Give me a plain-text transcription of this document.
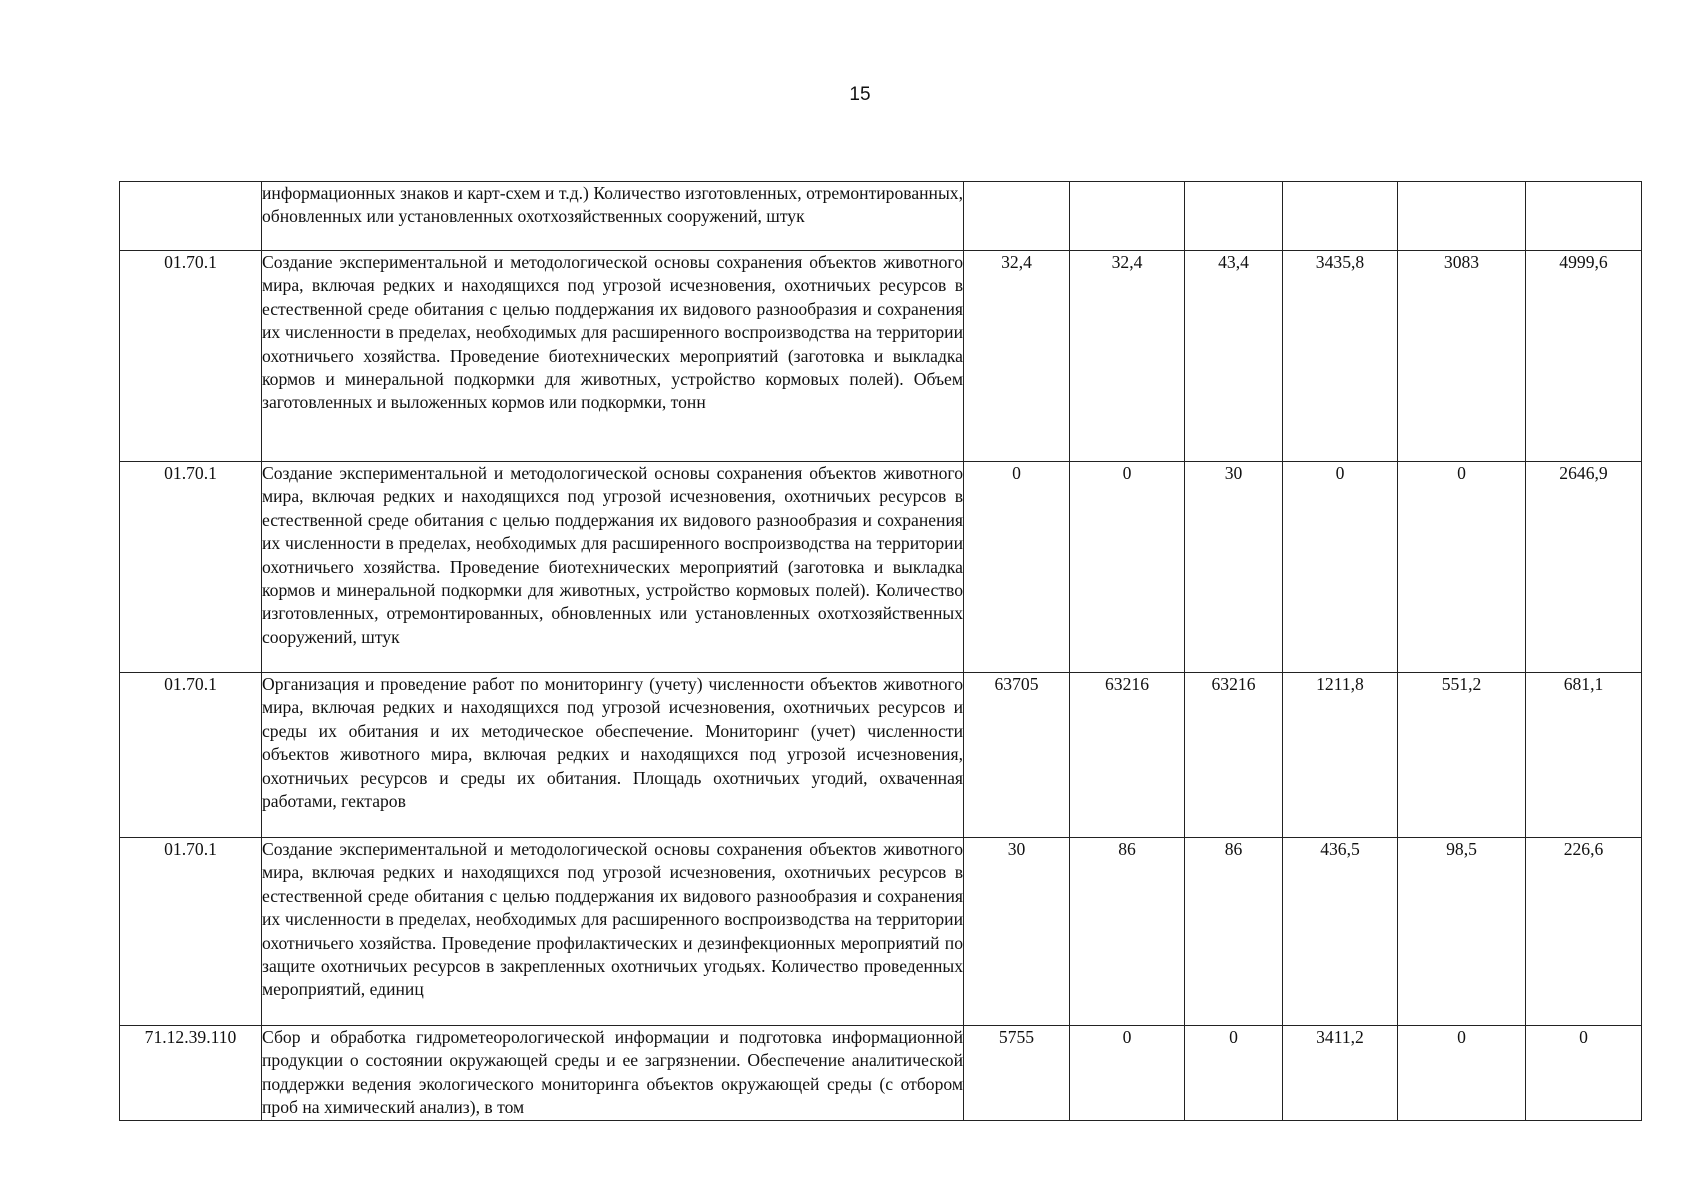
15
	информационных знаков и карт-схем и т.д.) Количество изготовленных, отремонтированных, обновленных или установленных охотхозяйственных сооружений, штук						
01.70.1	Создание экспериментальной и методологической основы сохранения объектов животного мира, включая редких и находящихся под угрозой исчезновения, охотничьих ресурсов в естественной среде обитания с целью поддержания их видового разнообразия и сохранения их численности в пределах, необходимых для расширенного воспроизводства на территории охотничьего хозяйства. Проведение биотехнических мероприятий (заготовка и выкладка кормов и минеральной подкормки для животных, устройство кормовых полей). Объем заготовленных и выложенных кормов или подкормки, тонн	32,4	32,4	43,4	3435,8	3083	4999,6
01.70.1	Создание экспериментальной и методологической основы сохранения объектов животного мира, включая редких и находящихся под угрозой исчезновения, охотничьих ресурсов в естественной среде обитания с целью поддержания их видового разнообразия и сохранения их численности в пределах, необходимых для расширенного воспроизводства на территории охотничьего хозяйства. Проведение биотехнических мероприятий (заготовка и выкладка кормов и минеральной подкормки для животных, устройство кормовых полей). Количество изготовленных, отремонтированных, обновленных или установленных охотхозяйственных сооружений, штук	0	0	30	0	0	2646,9
01.70.1	Организация и проведение работ по мониторингу (учету) численности объектов животного мира, включая редких и находящихся под угрозой исчезновения, охотничьих ресурсов и среды их обитания и их методическое обеспечение. Мониторинг (учет) численности объектов животного мира, включая редких и находящихся под угрозой исчезновения, охотничьих ресурсов и среды их обитания. Площадь охотничьих угодий, охваченная работами, гектаров	63705	63216	63216	1211,8	551,2	681,1
01.70.1	Создание экспериментальной и методологической основы сохранения объектов животного мира, включая редких и находящихся под угрозой исчезновения, охотничьих ресурсов в естественной среде обитания с целью поддержания их видового разнообразия и сохранения их численности в пределах, необходимых для расширенного воспроизводства на территории охотничьего хозяйства. Проведение профилактических и дезинфекционных мероприятий по защите охотничьих ресурсов в закрепленных охотничьих угодьях. Количество проведенных мероприятий, единиц	30	86	86	436,5	98,5	226,6
71.12.39.110	Сбор и обработка гидрометеорологической информации и подготовка информационной продукции о состоянии окружающей среды и ее загрязнении. Обеспечение аналитической поддержки ведения экологического мониторинга объектов окружающей среды (с отбором проб на химический анализ), в том	5755	0	0	3411,2	0	0
